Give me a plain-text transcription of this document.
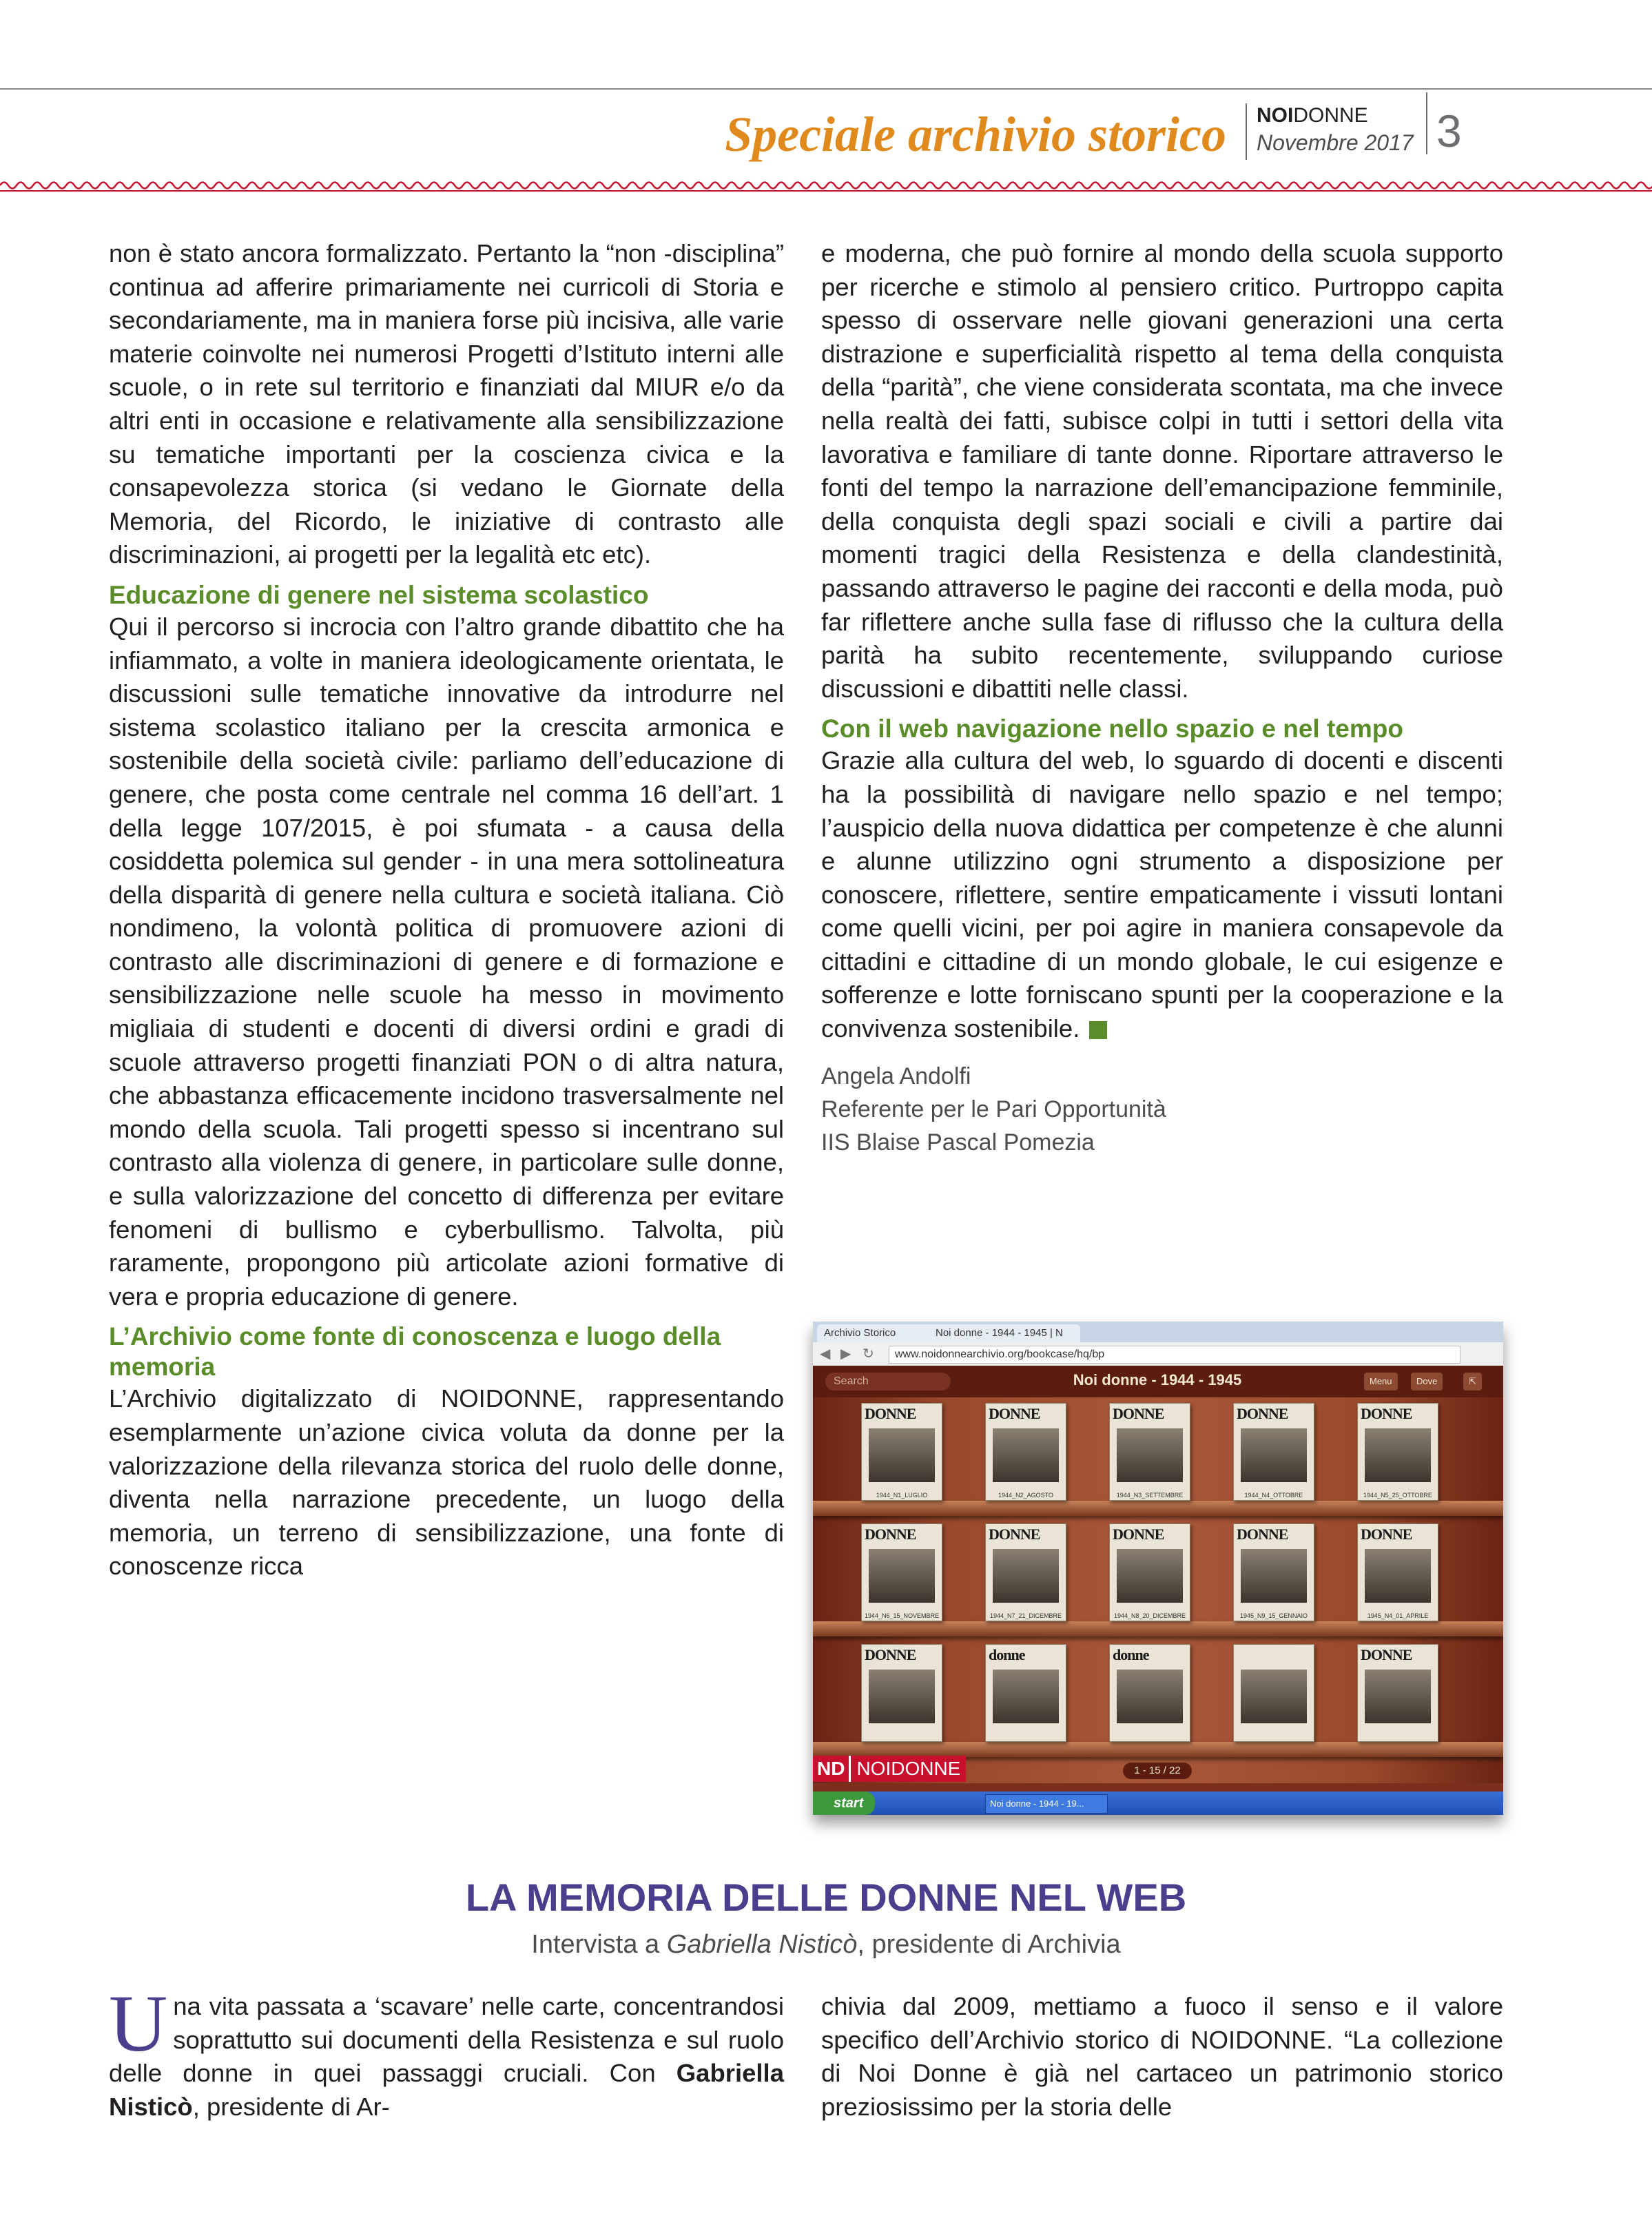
Speciale archivio storico NOIDONNE
Novembre 2017 3

non è stato ancora formalizzato. Pertanto la “non -disciplina” continua ad afferire primariamente nei curricoli di Storia e secondariamente, ma in maniera forse più incisiva, alle varie materie coinvolte nei numerosi Progetti d’Istituto interni alle scuole, o in rete sul territorio e finanziati dal MIUR e/o da altri enti in occasione e relativamente alla sensibilizzazione su tematiche importanti per la coscienza civica e la consapevolezza storica (si vedano le Giornate della Memoria, del Ricordo, le iniziative di contrasto alle discriminazioni, ai progetti per la legalità etc etc).

Educazione di genere nel sistema scolastico

Qui il percorso si incrocia con l’altro grande dibattito che ha infiammato, a volte in maniera ideologicamente orientata, le discussioni sulle tematiche innovative da introdurre nel sistema scolastico italiano per la crescita armonica e sostenibile della società civile: parliamo dell’educazione di genere, che posta come centrale nel comma 16 dell’art. 1 della legge 107/2015, è poi sfumata - a causa della cosiddetta polemica sul gender - in una mera sottolineatura della disparità di genere nella cultura e società italiana. Ciò nondimeno, la volontà politica di promuovere azioni di contrasto alle discriminazioni di genere e di formazione e sensibilizzazione nelle scuole ha messo in movimento migliaia di studenti e docenti di diversi ordini e gradi di scuole attraverso progetti finanziati PON o di altra natura, che abbastanza efficacemente incidono trasversalmente nel mondo della scuola. Tali progetti spesso si incentrano sul contrasto alla violenza di genere, in particolare sulle donne, e sulla valorizzazione del concetto di differenza per evitare fenomeni di bullismo e cyberbullismo. Talvolta, più raramente, propongono più articolate azioni formative di vera e propria educazione di genere.

L’Archivio come fonte di conoscenza e luogo della memoria

L’Archivio digitalizzato di NOIDONNE, rappresentando esemplarmente un’azione civica voluta da donne per la valorizzazione della rilevanza storica del ruolo delle donne, diventa nella narrazione precedente, un luogo della memoria, un terreno di sensibilizzazione, una fonte di conoscenze ricca

e moderna, che può fornire al mondo della scuola supporto per ricerche e stimolo al pensiero critico. Purtroppo capita spesso di osservare nelle giovani generazioni una certa distrazione e superficialità rispetto al tema della conquista della “parità”, che viene considerata scontata, ma che invece nella realtà dei fatti, subisce colpi in tutti i settori della vita lavorativa e familiare di tante donne. Riportare attraverso le fonti del tempo la narrazione dell’emancipazione femminile, della conquista degli spazi sociali e civili a partire dai momenti tragici della Resistenza e della clandestinità, passando attraverso le pagine dei racconti e della moda, può far riflettere anche sulla fase di riflusso che la cultura della parità ha subito recentemente, sviluppando curiose discussioni e dibattiti nelle classi.

Con il web navigazione nello spazio e nel tempo

Grazie alla cultura del web, lo sguardo di docenti e discenti ha la possibilità di navigare nello spazio e nel tempo; l’auspicio della nuova didattica per competenze è che alunni e alunne utilizzino ogni strumento a disposizione per conoscere, riflettere, sentire empaticamente i vissuti lontani come quelli vicini, per poi agire in maniera consapevole da cittadini e cittadine di un mondo globale, le cui esigenze e sofferenze e lotte forniscano spunti per la cooperazione e la convivenza sostenibile.

Angela Andolfi
Referente per le Pari Opportunità
IIS Blaise Pascal Pomezia
Archivio Storico	Noi donne - 1944 - 1945 | N
◀ ▶ ↻	www.noidonnearchivio.org/bookcase/hq/bp
Search	Noi donne - 1944 - 1945	Menu	Dove	⇱
DONNE
1944_N1_LUGLIO
DONNE
1944_N2_AGOSTO
DONNE
1944_N3_SETTEMBRE
DONNE
1944_N4_OTTOBRE
DONNE
1944_N5_25_OTTOBRE
DONNE
1944_N6_15_NOVEMBRE
DONNE
1944_N7_21_DICEMBRE
DONNE
1944_N8_20_DICEMBRE
DONNE
1945_N9_15_GENNAIO
DONNE
1945_N4_01_APRILE
DONNE	donne	donne	DONNE
1 - 15 / 22
ND NOIDONNE
start	Noi donne - 1944 - 19...
LA MEMORIA DELLE DONNE NEL WEB
Intervista a Gabriella Nisticò, presidente di Archivia

Una vita passata a ‘scavare’ nelle carte, concentrandosi soprattutto sui documenti della Resistenza e sul ruolo delle donne in quei passaggi cruciali. Con Gabriella Nisticò, presidente di Ar-

chivia dal 2009, mettiamo a fuoco il senso e il valore specifico dell’Archivio storico di NOIDONNE. “La collezione di Noi Donne è già nel cartaceo un patrimonio storico preziosissimo per la storia delle
